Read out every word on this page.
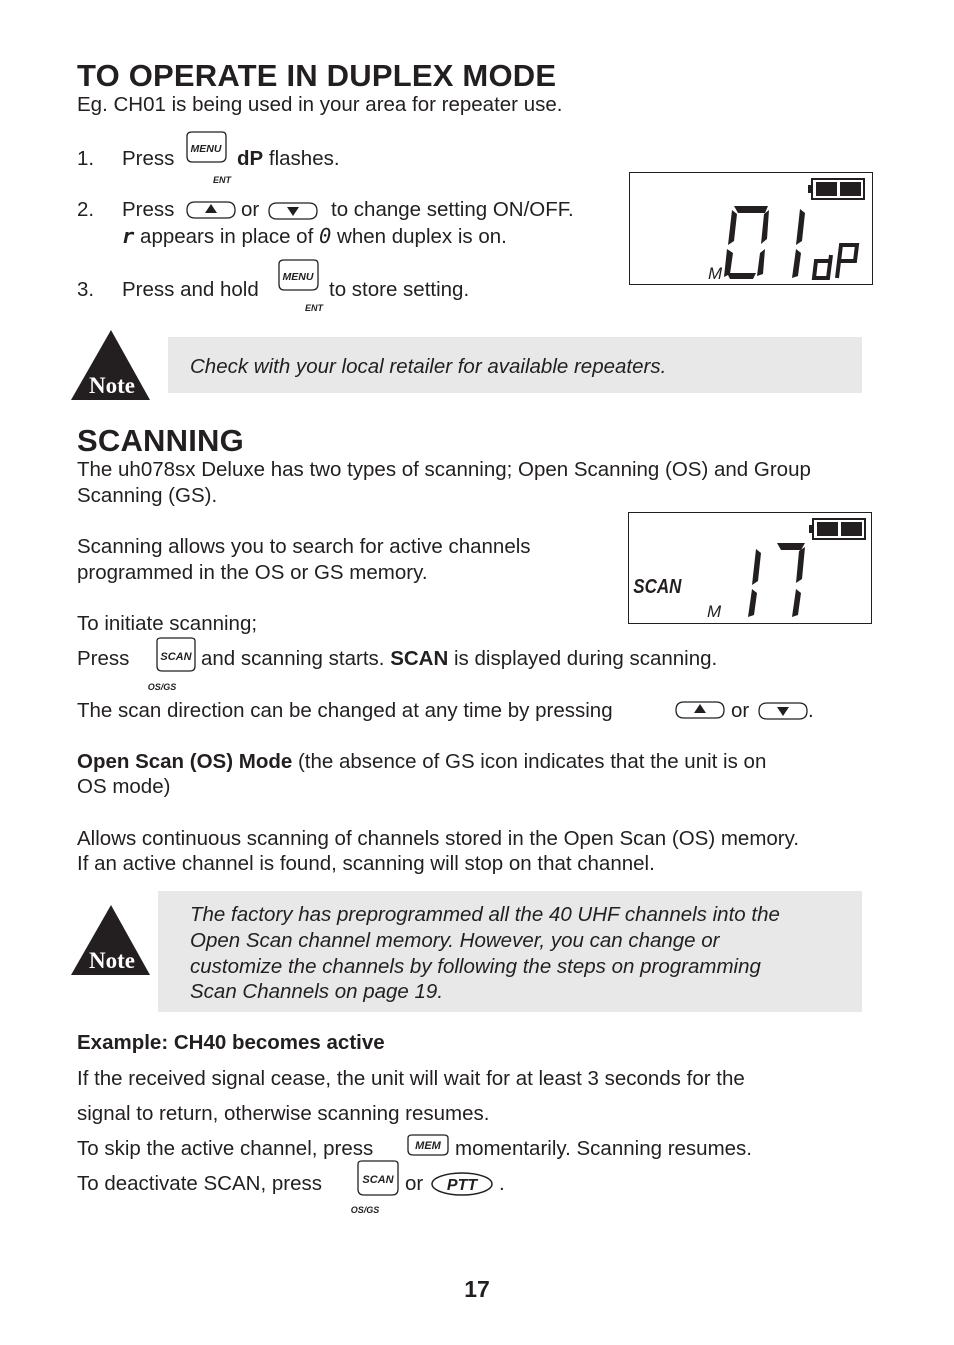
TO OPERATE IN DUPLEX MODE
Eg. CH01 is being used in your area for repeater use.
1. Press MENU
ENT
dP flashes.
2. Press	or	to change setting ON/OFF.
r appears in place of 0 when duplex is on.
3. Press and hold
MENU
ENT
to store setting.
M
Note
Check with your local retailer for available repeaters.
SCANNING
The uh078sx Deluxe has two types of scanning; Open Scanning (OS) and Group
Scanning (GS).
Scanning allows you to search for active channels
programmed in the OS or GS memory.
To initiate scanning;
Press	SCAN
OS/GS
and scanning starts. SCAN is displayed during scanning.
The scan direction can be changed at any time by pressing	or	.
SCAN
M
Open Scan (OS) Mode (the absence of GS icon indicates that the unit is on
OS mode)
Allows continuous scanning of channels stored in the Open Scan (OS) memory.
If an active channel is found, scanning will stop on that channel.
Note
The factory has preprogrammed all the 40 UHF channels into the
Open Scan channel memory. However, you can change or
customize the channels by following the steps on programming
Scan Channels on page 19.
Example: CH40 becomes active
If the received signal cease, the unit will wait for at least 3 seconds for the
signal to return, otherwise scanning resumes.
To skip the active channel, press	MEM momentarily. Scanning resumes.
To deactivate SCAN, press	SCAN
OS/GS
or PTT .
17
